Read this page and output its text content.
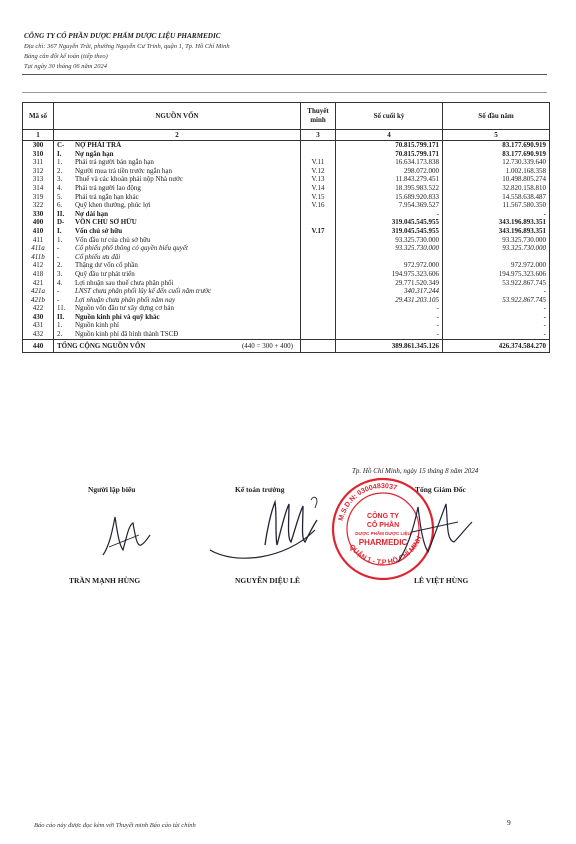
CÔNG TY CỔ PHẦN DƯỢC PHẨM DƯỢC LIỆU PHARMEDIC
Địa chỉ: 367 Nguyễn Trãi, phường Nguyễn Cư Trinh, quận 1, Tp. Hồ Chí Minh
Bảng cân đối kế toán (tiếp theo)
Tại ngày 30 tháng 06 năm 2024
Mã số	NGUỒN VỐN	Thuyết minh	Số cuối kỳ	Số đầu năm
1	2	3	4	5
300	C- NỢ PHẢI TRẢ		70.815.799.171	83.177.690.919
310	I. Nợ ngắn hạn		70.815.799.171	83.177.690.919
311	1. Phải trả người bán ngắn hạn	V.11	16.634.173.838	12.730.339.640
312	2. Người mua trả tiền trước ngắn hạn	V.12	298.072.000	1.002.168.358
313	3. Thuế và các khoản phải nộp Nhà nước	V.13	11.843.279.451	10.498.805.274
314	4. Phải trả người lao động	V.14	18.395.983.522	32.820.158.810
319	5. Phải trả ngắn hạn khác	V.15	15.689.920.833	14.558.638.487
322	6. Quỹ khen thưởng, phúc lợi	V.16	7.954.369.527	11.567.580.350
330	II. Nợ dài hạn		-	-
400	D- VỐN CHỦ SỞ HỮU		319.045.545.955	343.196.893.351
410	I. Vốn chủ sở hữu	V.17	319.045.545.955	343.196.893.351
411	1. Vốn đầu tư của chủ sở hữu		93.325.730.000	93.325.730.000
411a	- Cổ phiếu phổ thông có quyền biểu quyết		93.325.730.000	93.325.730.000
411b	- Cổ phiếu ưu đãi			
412	2. Thặng dư vốn cổ phần		972.972.000	972.972.000
418	3. Quỹ đầu tư phát triển		194.975.323.606	194.975.323.606
421	4. Lợi nhuận sau thuế chưa phân phối		29.771.520.349	53.922.867.745
421a	- LNST chưa phân phối lũy kế đến cuối năm trước		340.317.244	-
421b	- Lợi nhuận chưa phân phối năm nay		29.431.203.105	53.922.867.745
422	11. Nguồn vốn đầu tư xây dựng cơ bản		-	-
430	II. Nguồn kinh phí và quỹ khác		-	-
431	1. Nguồn kinh phí		-	-
432	2. Nguồn kinh phí đã hình thành TSCĐ		-	-
440	TỔNG CỘNG NGUỒN VỐN (440 = 300 + 400)		389.861.345.126	426.374.584.270
Tp. Hồ Chí Minh, ngày 15 tháng 8 năm 2024
Người lập biểu	Kế toán trưởng	Tổng Giám Đốc
M.S.D.N: 0300483037
QUẬN 1 - T.P HỒ CHÍ MINH
CÔNG TY
CỔ PHẦN
DƯỢC PHẨM DƯỢC LIỆU
PHARMEDIC
TRẦN MẠNH HÙNG	NGUYỄN DIỆU LÊ	LÊ VIỆT HÙNG
Báo cáo này được đọc kèm với Thuyết minh Báo cáo tài chính	9
